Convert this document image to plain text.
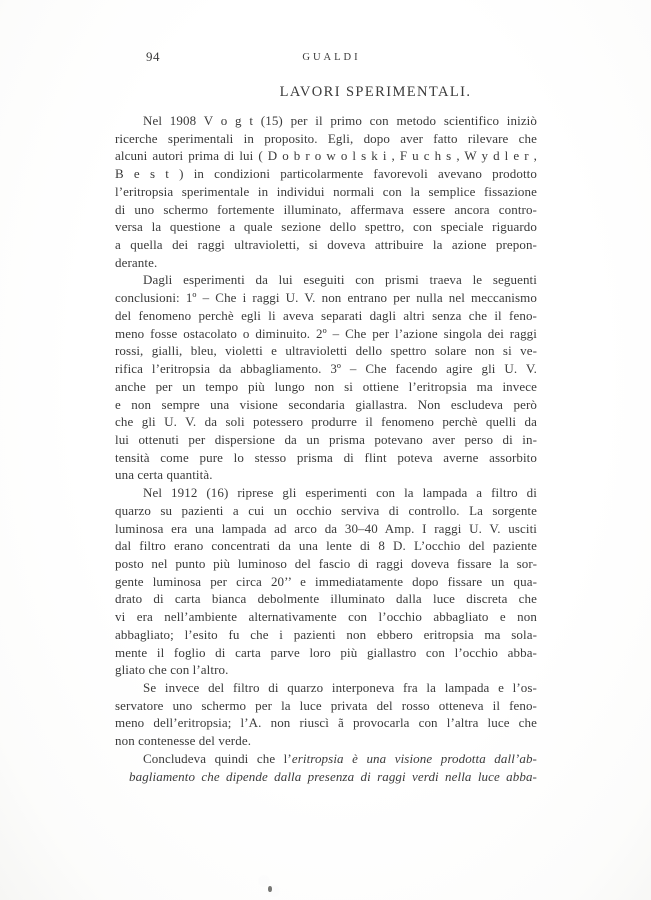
94	GUALDI
LAVORI SPERIMENTALI.
Nel 1908 V o g t (15) per il primo con metodo scientifico iniziò
ricerche sperimentali in proposito. Egli, dopo aver fatto rilevare che
alcuni autori prima di lui ( D o b r o w o l s k i , F u c h s , W y d l e r ,
B e s t ) in condizioni particolarmente favorevoli avevano prodotto
l’eritropsia sperimentale in individui normali con la semplice fissazione
di uno schermo fortemente illuminato, affermava essere ancora contro-
versa la questione a quale sezione dello spettro, con speciale riguardo
a quella dei raggi ultravioletti, si doveva attribuire la azione prepon-
derante.
Dagli esperimenti da lui eseguiti con prismi traeva le seguenti
conclusioni: 1º – Che i raggi U. V. non entrano per nulla nel meccanismo
del fenomeno perchè egli li aveva separati dagli altri senza che il feno-
meno fosse ostacolato o diminuito. 2º – Che per l’azione singola dei raggi
rossi, gialli, bleu, violetti e ultravioletti dello spettro solare non si ve-
rifica l’eritropsia da abbagliamento. 3º – Che facendo agire gli U. V.
anche per un tempo più lungo non si ottiene l’eritropsia ma invece
e non sempre una visione secondaria giallastra. Non escludeva però
che gli U. V. da soli potessero produrre il fenomeno perchè quelli da
lui ottenuti per dispersione da un prisma potevano aver perso di in-
tensità come pure lo stesso prisma di flint poteva averne assorbito
una certa quantità.
Nel 1912 (16) riprese gli esperimenti con la lampada a filtro di
quarzo su pazienti a cui un occhio serviva di controllo. La sorgente
luminosa era una lampada ad arco da 30–40 Amp. I raggi U. V. usciti
dal filtro erano concentrati da una lente di 8 D. L’occhio del paziente
posto nel punto più luminoso del fascio di raggi doveva fissare la sor-
gente luminosa per circa 20’’ e immediatamente dopo fissare un qua-
drato di carta bianca debolmente illuminato dalla luce discreta che
vi era nell’ambiente alternativamente con l’occhio abbagliato e non
abbagliato; l’esito fu che i pazienti non ebbero eritropsia ma sola-
mente il foglio di carta parve loro più giallastro con l’occhio abba-
gliato che con l’altro.
Se invece del filtro di quarzo interponeva fra la lampada e l’os-
servatore uno schermo per la luce privata del rosso otteneva il feno-
meno dell’eritropsia; l’A. non riuscì ã provocarla con l’altra luce che
non contenesse del verde.
Concludeva quindi che l’eritropsia è una visione prodotta dall’ab-
bagliamento che dipende dalla presenza di raggi verdi nella luce abba-
